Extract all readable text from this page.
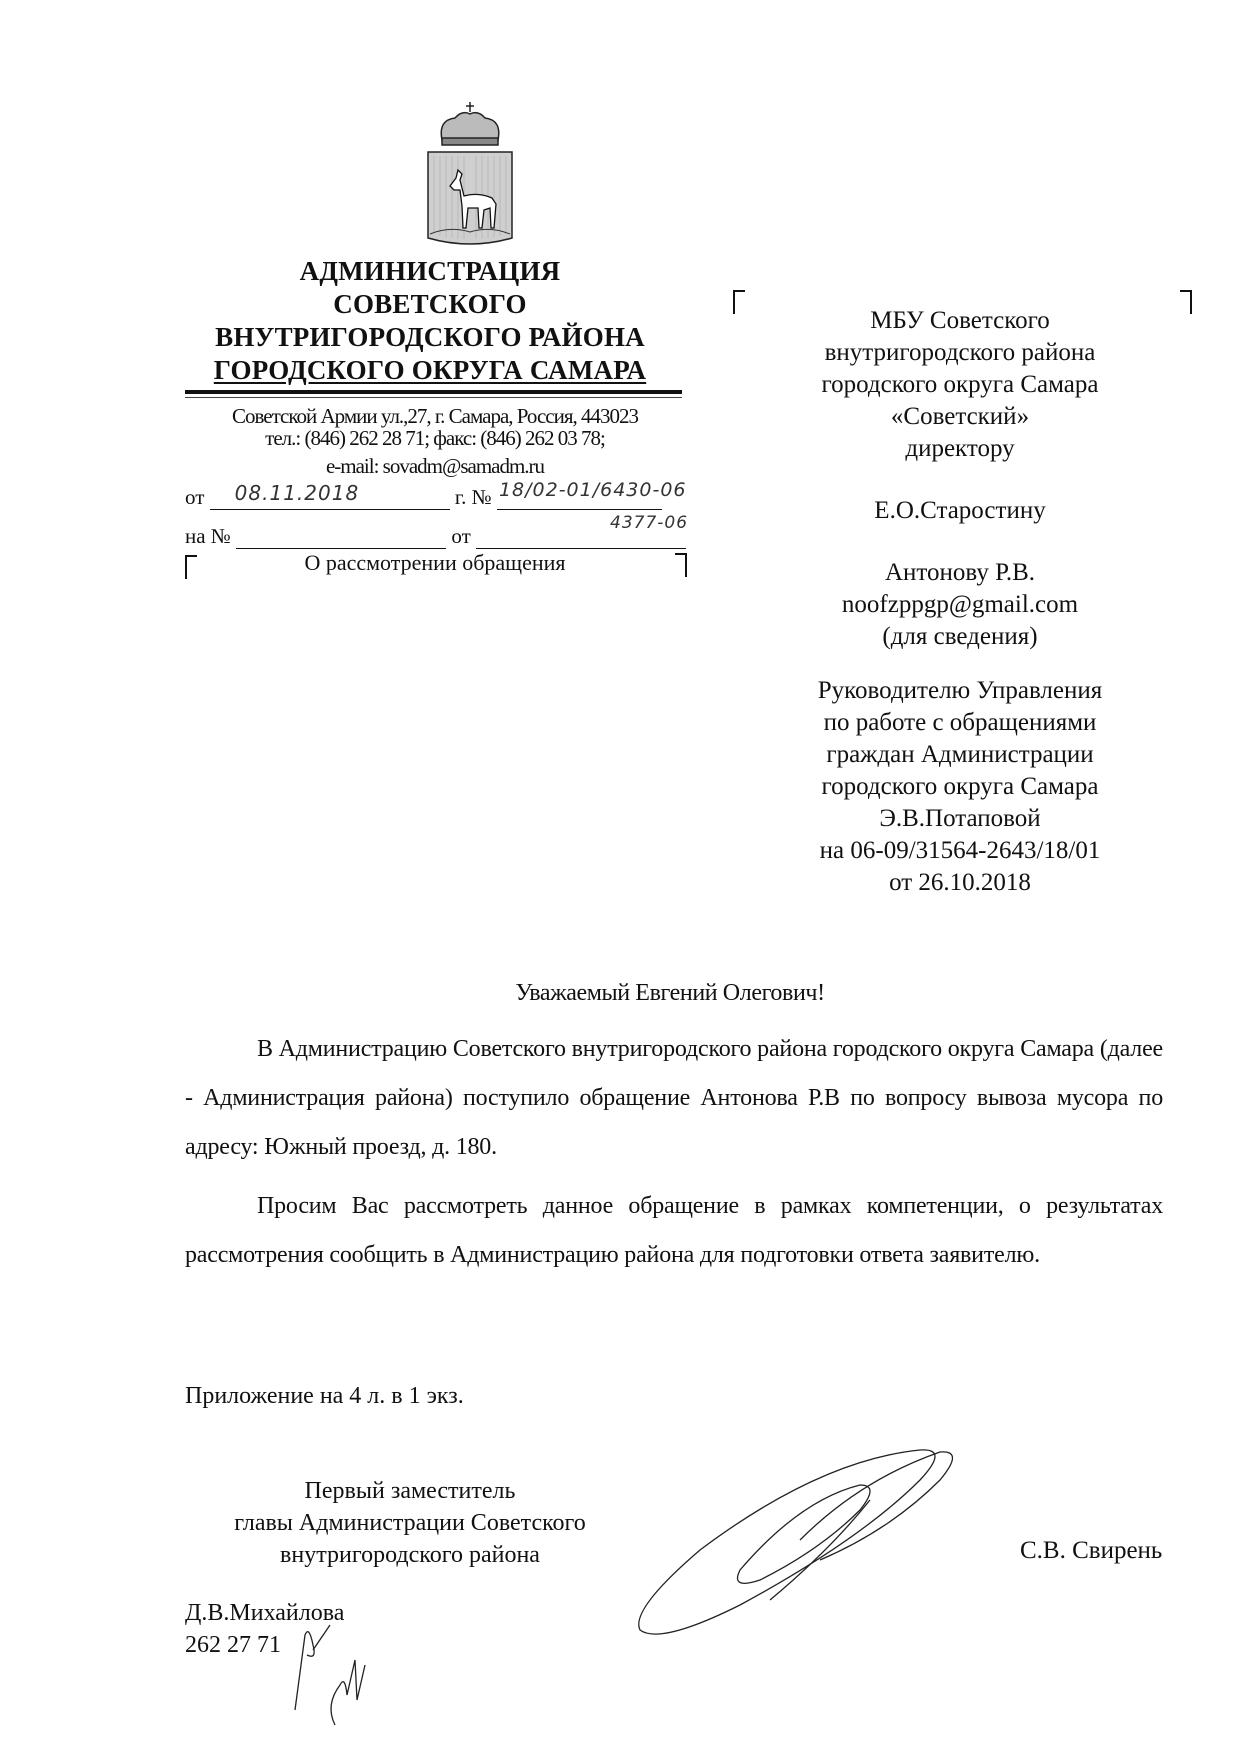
АДМИНИСТРАЦИЯ
СОВЕТСКОГО
ВНУТРИГОРОДСКОГО РАЙОНА
ГОРОДСКОГО ОКРУГА САМАРА
Советской Армии ул.,27, г. Самара, Россия, 443023
тел.: (846) 262 28 71; факс: (846) 262 03 78;
e-mail: sovadm@samadm.ru
от 08.11.2018	г. № 18/02-01/6430-06
4377-06
на №	от
О рассмотрении обращения
МБУ Советского
внутригородского района
городского округа Самара
«Советский»
директору
Е.О.Старостину
Антонову Р.В.
noofzppgp@gmail.com
(для сведения)
Руководителю Управления
по работе с обращениями
граждан Администрации
городского округа Самара
Э.В.Потаповой
на 06-09/31564-2643/18/01
от 26.10.2018
Уважаемый Евгений Олегович!
В Администрацию Советского внутригородского района городского округа Самара (далее - Администрация района) поступило обращение Антонова Р.В по вопросу вывоза мусора по адресу: Южный проезд, д. 180.
Просим Вас рассмотреть данное обращение в рамках компетенции, о результатах рассмотрения сообщить в Администрацию района для подготовки ответа заявителю.
Приложение на 4 л. в 1 экз.
Первый заместитель
главы Администрации Советского
внутригородского района	С.В. Свирень
Д.В.Михайлова
262 27 71
